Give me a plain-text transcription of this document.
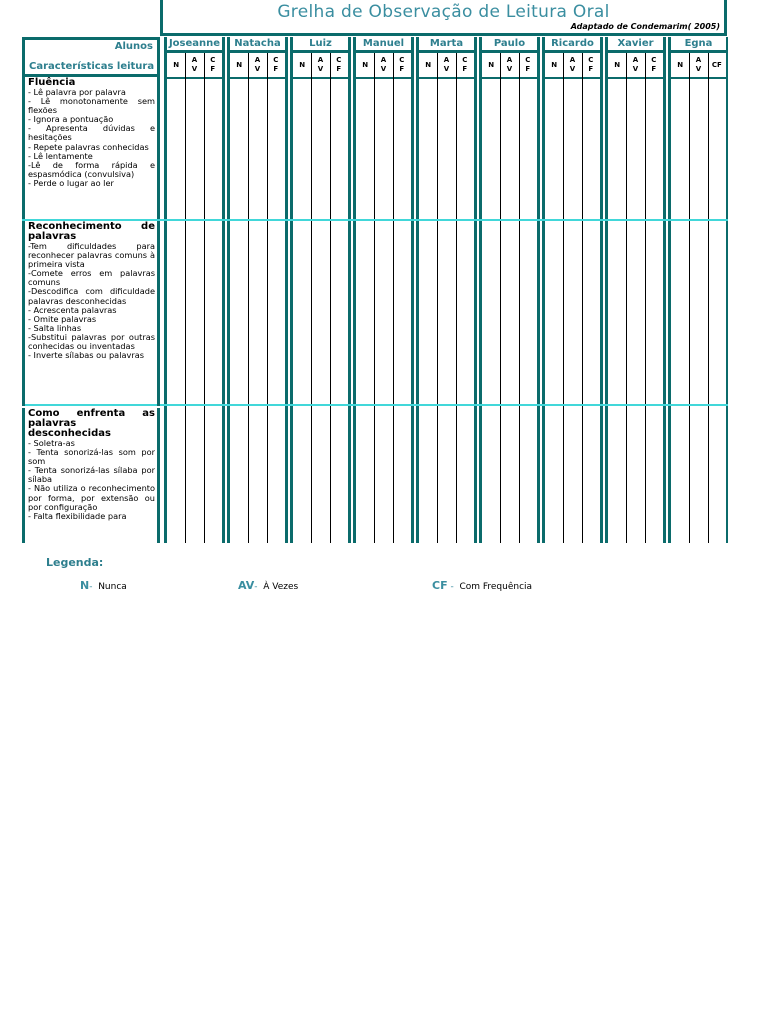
Grelha de Observação de Leitura Oral
Adaptado de Condemarim( 2005)
Alunos
Características leitura
Joseanne
N
A
V
C
F
Natacha
N
A
V
C
F
Luiz
N
A
V
C
F
Manuel
N
A
V
C
F
Marta
N
A
V
C
F
Paulo
N
A
V
C
F
Ricardo
N
A
V
C
F
Xavier
N
A
V
C
F
Egna
N
A
V
CF
Fluência
- Lê palavra por palavra
- Lê monotonamente sem flexões
- Ignora a pontuação
- Apresenta dúvidas e hesitações
- Repete palavras conhecidas
- Lê lentamente
-Lê de forma rápida e espasmódica (convulsiva)
- Perde o lugar ao ler
Reconhecimento de palavras
-Tem dificuldades para reconhecer palavras comuns à primeira vista
-Comete erros em palavras comuns
-Descodifica com dificuldade palavras desconhecidas
- Acrescenta palavras
- Omite palavras
- Salta linhas
-Substitui palavras por outras conhecidas ou inventadas
- Inverte sílabas ou palavras
Como enfrenta as palavras desconhecidas
- Soletra-as
- Tenta sonorizá-las som por som
- Tenta sonorizá-las sílaba por sílaba
- Não utiliza o reconhecimento por forma, por extensão ou por configuração
- Falta flexibilidade para
Legenda:
N- Nunca	AV- À Vezes	CF - Com Frequência
